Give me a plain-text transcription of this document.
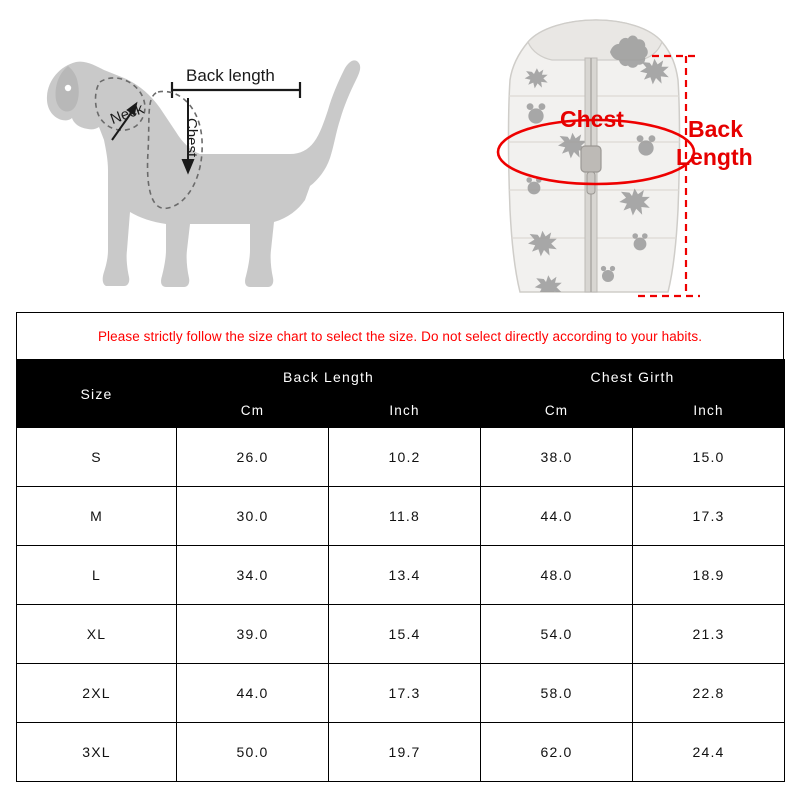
Back length
Neck
Chest	Chest	Back
Length
Please strictly follow the size chart to select the size. Do not select directly according to your habits.
Size	Back Length		Chest Girth	
	Cm	Inch	Cm	Inch
S	26.0	10.2	38.0	15.0
M	30.0	11.8	44.0	17.3
L	34.0	13.4	48.0	18.9
XL	39.0	15.4	54.0	21.3
2XL	44.0	17.3	58.0	22.8
3XL	50.0	19.7	62.0	24.4
